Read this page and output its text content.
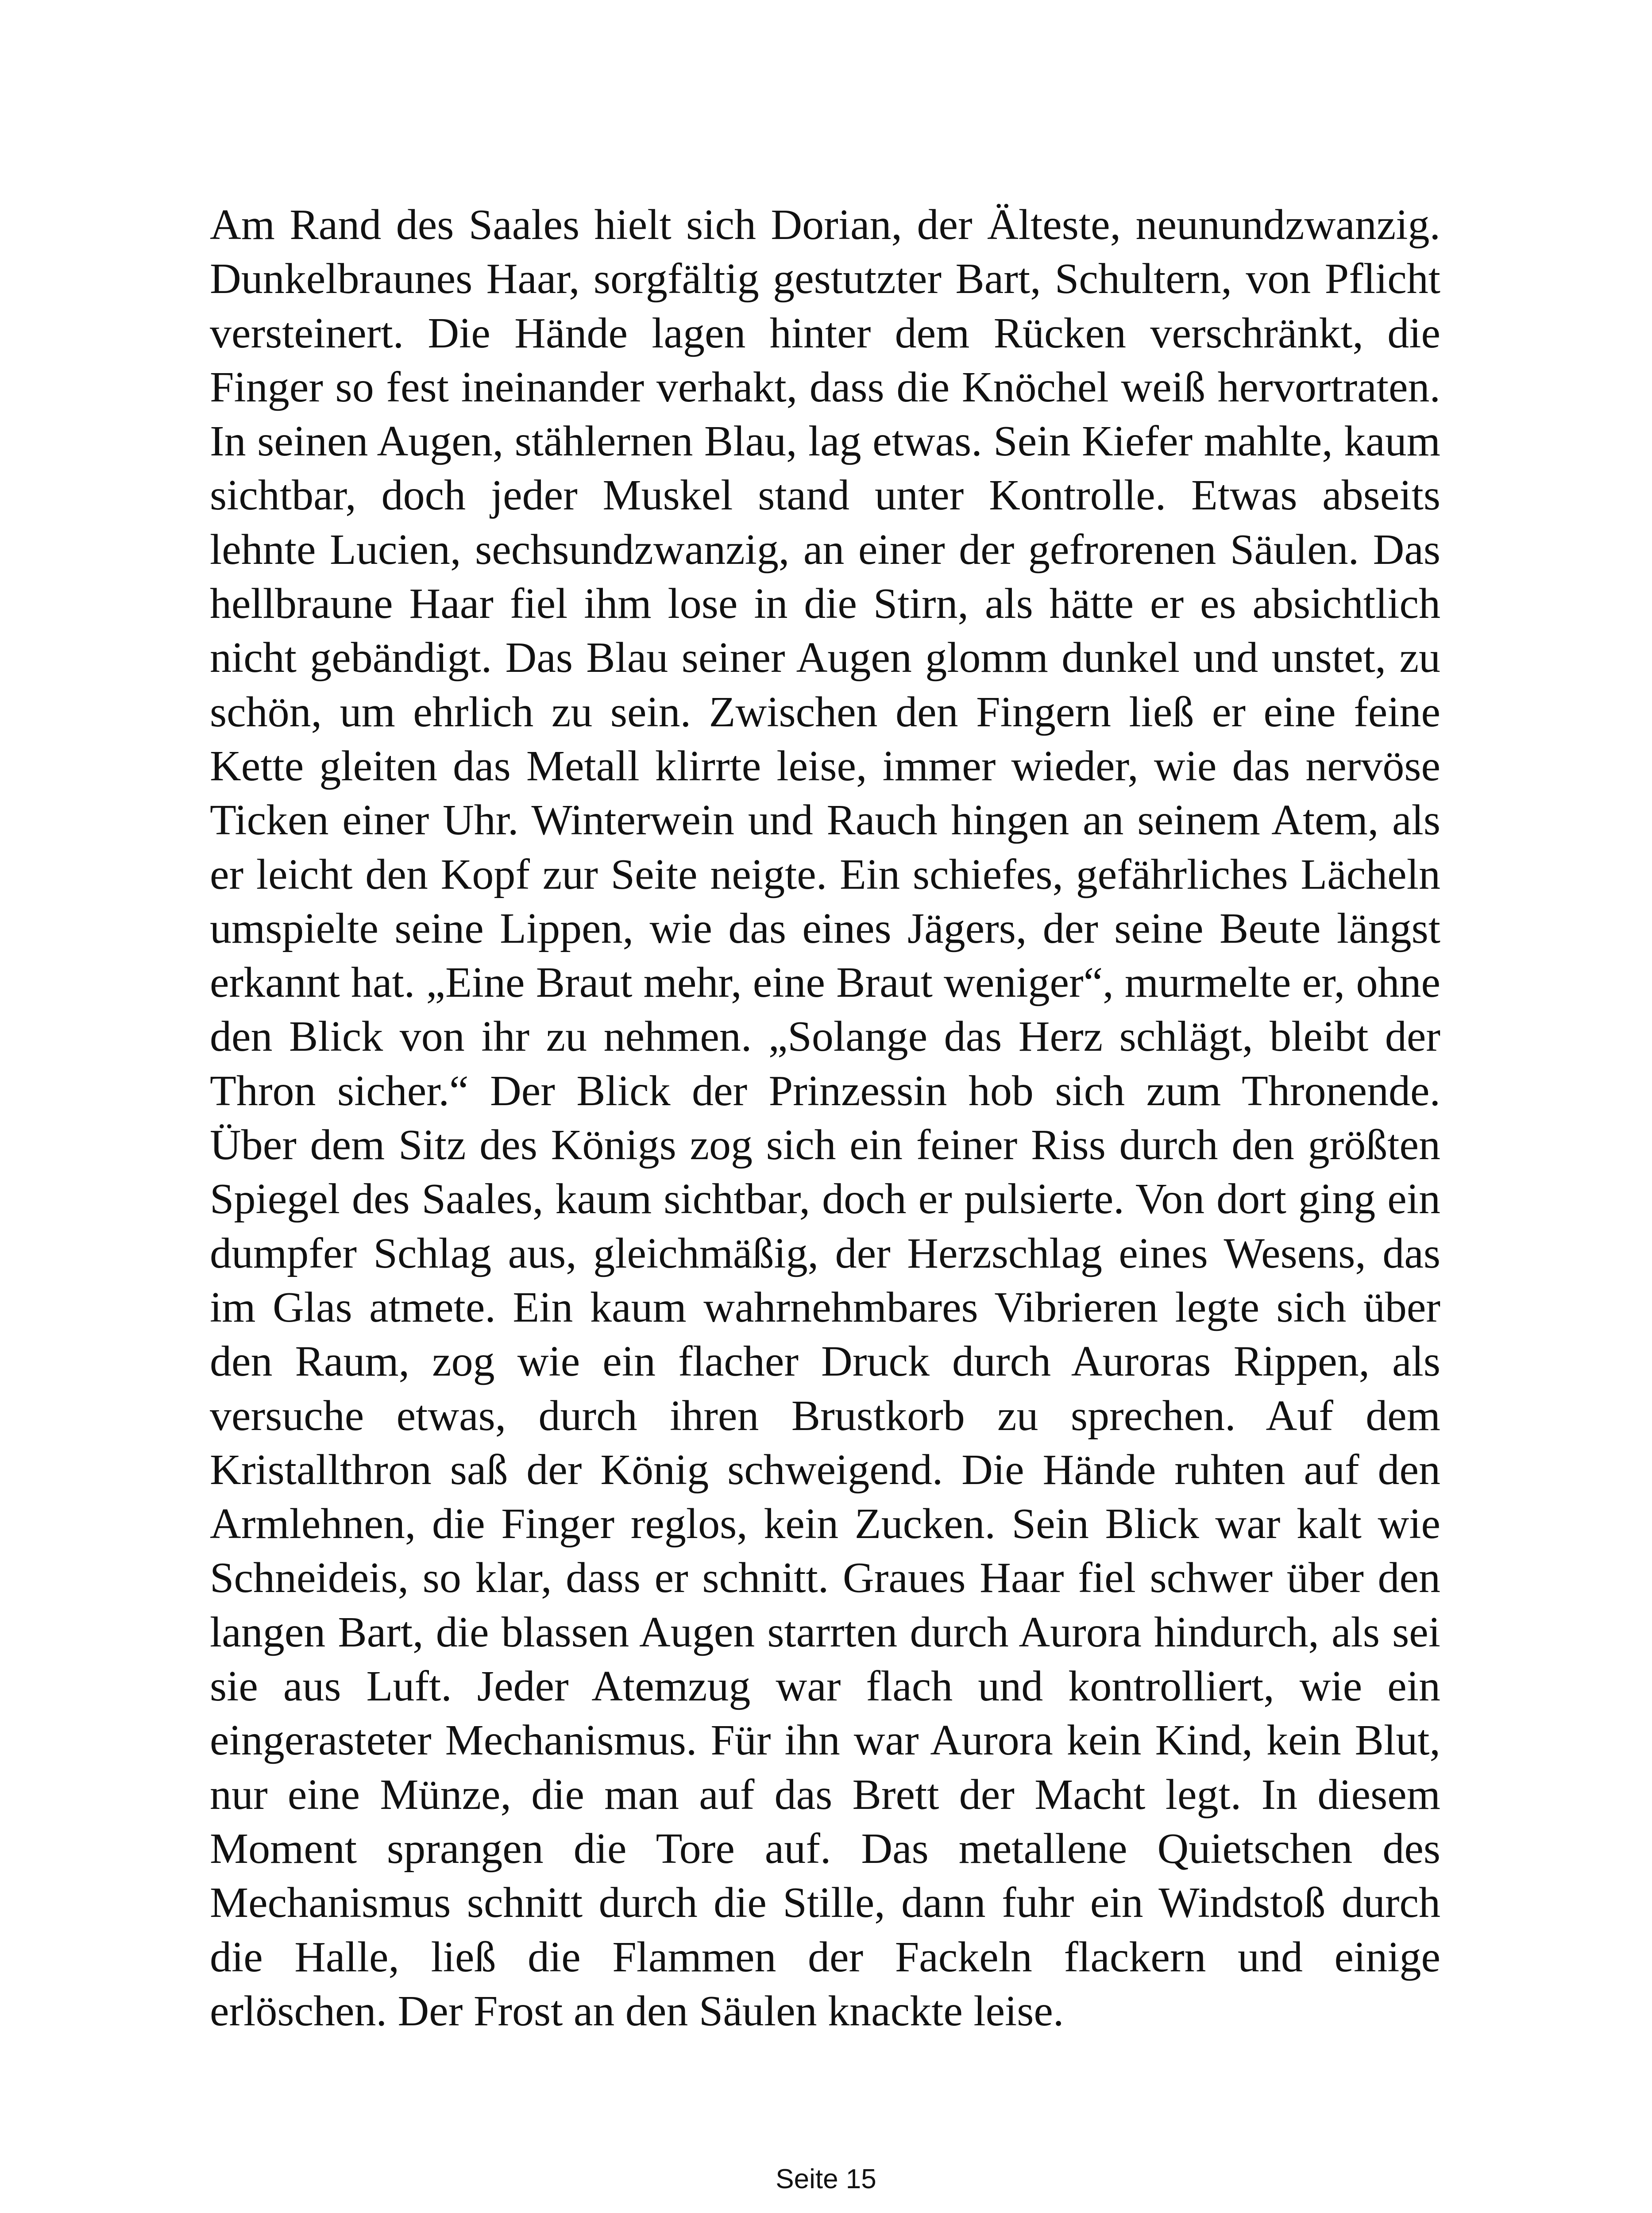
Am Rand des Saales hielt sich Dorian, der Älteste, neunundzwanzig. Dunkelbraunes Haar, sorgfältig gestutzter Bart, Schultern, von Pflicht versteinert. Die Hände lagen hinter dem Rücken verschränkt, die Finger so fest ineinander verhakt, dass die Knöchel weiß hervortraten. In seinen Augen, stählernen Blau, lag etwas. Sein Kiefer mahlte, kaum sichtbar, doch jeder Muskel stand unter Kontrolle. Etwas abseits lehnte Lucien, sechsundzwanzig, an einer der gefrorenen Säulen. Das hellbraune Haar fiel ihm lose in die Stirn, als hätte er es absichtlich nicht gebändigt. Das Blau seiner Augen glomm dunkel und unstet, zu schön, um ehrlich zu sein. Zwischen den Fingern ließ er eine feine Kette gleiten das Metall klirrte leise, immer wieder, wie das nervöse Ticken einer Uhr. Winterwein und Rauch hingen an seinem Atem, als er leicht den Kopf zur Seite neigte. Ein schiefes, gefährliches Lächeln umspielte seine Lippen, wie das eines Jägers, der seine Beute längst erkannt hat. „Eine Braut mehr, eine Braut weniger“, murmelte er, ohne den Blick von ihr zu nehmen. „Solange das Herz schlägt, bleibt der Thron sicher.“ Der Blick der Prinzessin hob sich zum Thronende. Über dem Sitz des Königs zog sich ein feiner Riss durch den größten Spiegel des Saales, kaum sichtbar, doch er pulsierte. Von dort ging ein dumpfer Schlag aus, gleichmäßig, der Herzschlag eines Wesens, das im Glas atmete. Ein kaum wahrnehmbares Vibrieren legte sich über den Raum, zog wie ein flacher Druck durch Auroras Rippen, als versuche etwas, durch ihren Brustkorb zu sprechen. Auf dem Kristallthron saß der König schweigend. Die Hände ruhten auf den Armlehnen, die Finger reglos, kein Zucken. Sein Blick war kalt wie Schneideis, so klar, dass er schnitt. Graues Haar fiel schwer über den langen Bart, die blassen Augen starrten durch Aurora hindurch, als sei sie aus Luft. Jeder Atemzug war flach und kontrolliert, wie ein eingerasteter Mechanismus. Für ihn war Aurora kein Kind, kein Blut, nur eine Münze, die man auf das Brett der Macht legt. In diesem Moment sprangen die Tore auf. Das metallene Quietschen des Mechanismus schnitt durch die Stille, dann fuhr ein Windstoß durch die Halle, ließ die Flammen der Fackeln flackern und einige erlöschen. Der Frost an den Säulen knackte leise.

Seite 15
